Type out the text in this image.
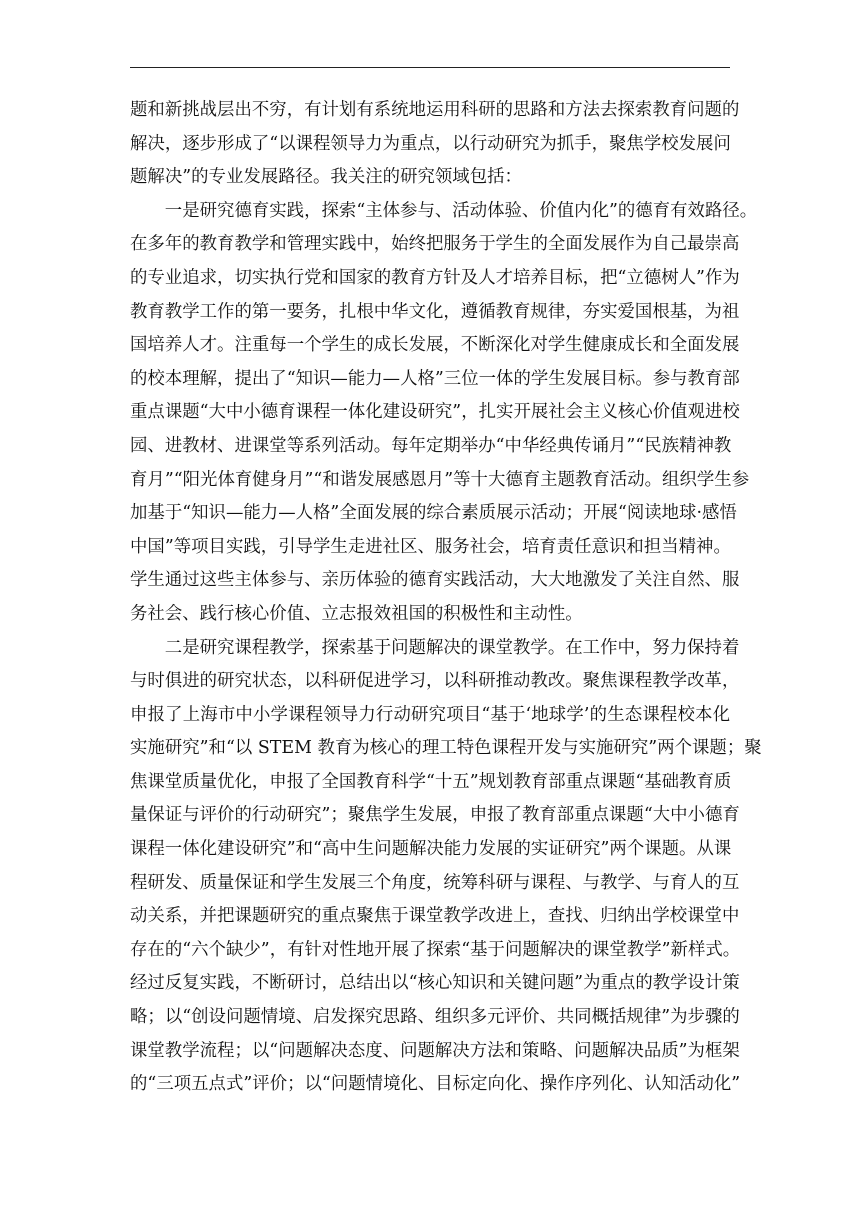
题和新挑战层出不穷，有计划有系统地运用科研的思路和方法去探索教育问题的
解决，逐步形成了“以课程领导力为重点，以行动研究为抓手，聚焦学校发展问
题解决”的专业发展路径。我关注的研究领域包括：
一是研究德育实践，探索“主体参与、活动体验、价值内化”的德育有效路径。
在多年的教育教学和管理实践中，始终把服务于学生的全面发展作为自己最崇高
的专业追求，切实执行党和国家的教育方针及人才培养目标，把“立德树人”作为
教育教学工作的第一要务，扎根中华文化，遵循教育规律，夯实爱国根基，为祖
国培养人才。注重每一个学生的成长发展，不断深化对学生健康成长和全面发展
的校本理解，提出了“知识—能力—人格”三位一体的学生发展目标。参与教育部
重点课题“大中小德育课程一体化建设研究”，扎实开展社会主义核心价值观进校
园、进教材、进课堂等系列活动。每年定期举办“中华经典传诵月”“民族精神教
育月”“阳光体育健身月”“和谐发展感恩月”等十大德育主题教育活动。组织学生参
加基于“知识—能力—人格”全面发展的综合素质展示活动；开展“阅读地球·感悟
中国”等项目实践，引导学生走进社区、服务社会，培育责任意识和担当精神。
学生通过这些主体参与、亲历体验的德育实践活动，大大地激发了关注自然、服
务社会、践行核心价值、立志报效祖国的积极性和主动性。
二是研究课程教学，探索基于问题解决的课堂教学。在工作中，努力保持着
与时俱进的研究状态，以科研促进学习，以科研推动教改。聚焦课程教学改革，
申报了上海市中小学课程领导力行动研究项目“基于‘地球学’的生态课程校本化
实施研究”和“以 STEM 教育为核心的理工特色课程开发与实施研究”两个课题；聚
焦课堂质量优化，申报了全国教育科学“十五”规划教育部重点课题“基础教育质
量保证与评价的行动研究”；聚焦学生发展，申报了教育部重点课题“大中小德育
课程一体化建设研究”和“高中生问题解决能力发展的实证研究”两个课题。从课
程研发、质量保证和学生发展三个角度，统筹科研与课程、与教学、与育人的互
动关系，并把课题研究的重点聚焦于课堂教学改进上，查找、归纳出学校课堂中
存在的“六个缺少”，有针对性地开展了探索“基于问题解决的课堂教学”新样式。
经过反复实践，不断研讨，总结出以“核心知识和关键问题”为重点的教学设计策
略；以“创设问题情境、启发探究思路、组织多元评价、共同概括规律”为步骤的
课堂教学流程；以“问题解决态度、问题解决方法和策略、问题解决品质”为框架
的“三项五点式”评价；以“问题情境化、目标定向化、操作序列化、认知活动化”
